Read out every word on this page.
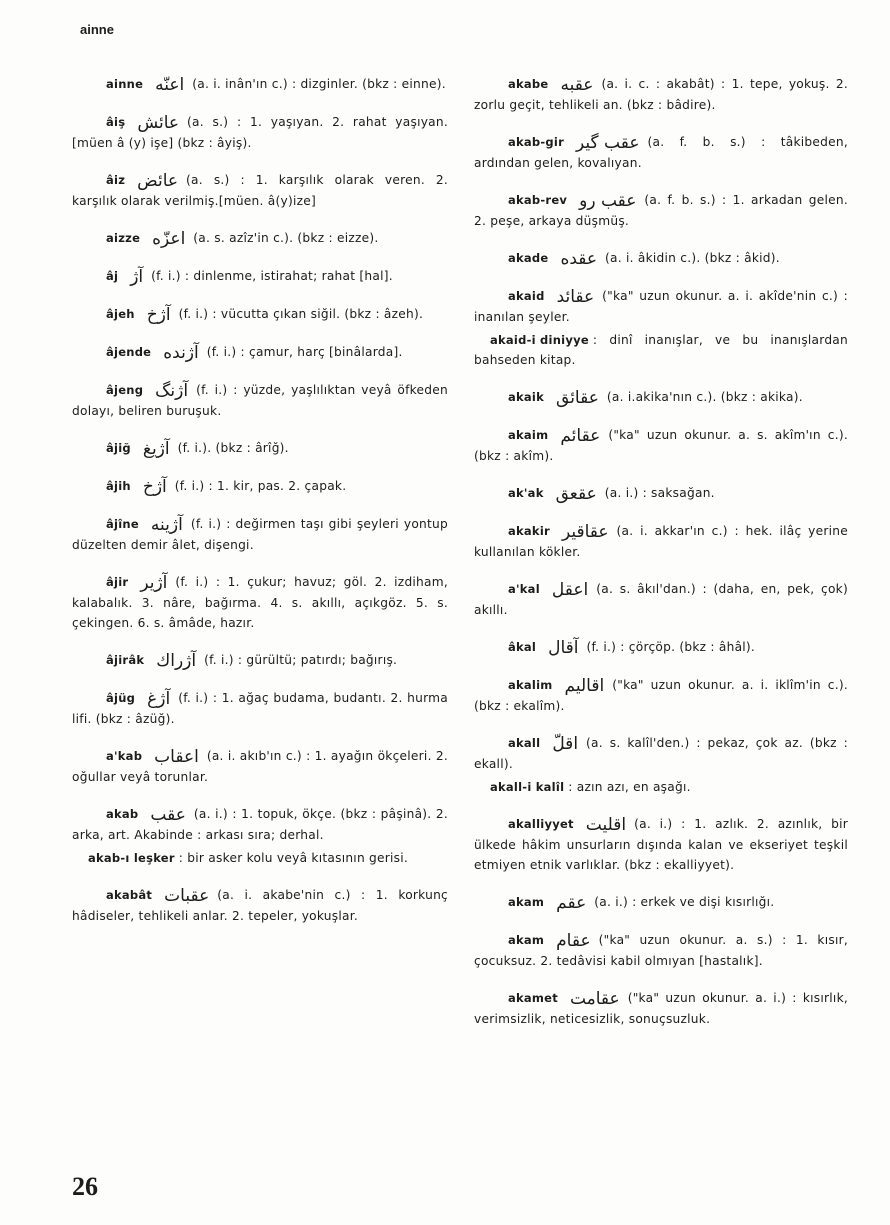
ainne
ainne اعنّه (a. i. inân'ın c.) : dizginler. (bkz : einne).
âiş عائش (a. s.) : 1. yaşıyan. 2. rahat yaşıyan.[müen â (y) işe] (bkz : âyiş).
âiz عائض (a. s.) : 1. karşılık olarak veren. 2. karşılık olarak verilmiş.[müen. â(y)ize]
aizze اعزّه (a. s. azîz'in c.). (bkz : eizze).
âj آژ (f. i.) : dinlenme, istirahat; rahat [hal].
âjeh آژخ (f. i.) : vücutta çıkan siğil. (bkz : âzeh).
âjende آژنده (f. i.) : çamur, harç [binâlarda].
âjeng آژنگ (f. i.) : yüzde, yaşlılıktan veyâ öfkeden dolayı, beliren buruşuk.
âjiğ آژیغ (f. i.). (bkz : ârîğ).
âjih آژخ (f. i.) : 1. kir, pas. 2. çapak.
âjîne آژینه (f. i.) : değirmen taşı gibi şeyleri yontup düzelten demir âlet, dişengi.
âjir آژیر (f. i.) : 1. çukur; havuz; göl. 2. izdiham, kalabalık. 3. nâre, bağırma. 4. s. akıllı, açıkgöz. 5. s. çekingen. 6. s. âmâde, hazır.
âjirâk آژراك (f. i.) : gürültü; patırdı; bağırış.
âjüg آژغ (f. i.) : 1. ağaç budama, budantı. 2. hurma lifi. (bkz : âzüğ).
a'kab اعقاب (a. i. akıb'ın c.) : 1. ayağın ökçeleri. 2. oğullar veyâ torunlar.
akab عقب (a. i.) : 1. topuk, ökçe. (bkz : pâşinâ). 2. arka, art. Akabinde : arkası sıra; derhal.
akab-ı leşker : bir asker kolu veyâ kıtasının gerisi.
akabât عقبات (a. i. akabe'nin c.) : 1. korkunç hâdiseler, tehlikeli anlar. 2. tepeler, yokuşlar.
akabe عقبه (a. i. c. : akabât) : 1. tepe, yokuş. 2. zorlu geçit, tehlikeli an. (bkz : bâdire).
akab-gir عقب گیر (a. f. b. s.) : tâkibeden, ardından gelen, kovalıyan.
akab-rev عقب رو (a. f. b. s.) : 1. arkadan gelen. 2. peşe, arkaya düşmüş.
akade عقده (a. i. âkidin c.). (bkz : âkid).
akaid عقائد ("ka" uzun okunur. a. i. akîde'nin c.) : inanılan şeyler.
akaid-i diniyye : dinî inanışlar, ve bu inanışlardan bahseden kitap.
akaik عقائق (a. i.akika'nın c.). (bkz : akika).
akaim عقائم ("ka" uzun okunur. a. s. akîm'ın c.). (bkz : akîm).
ak'ak عقعق (a. i.) : saksağan.
akakir عقاقیر (a. i. akkar'ın c.) : hek. ilâç yerine kullanılan kökler.
a'kal اعقل (a. s. âkıl'dan.) : (daha, en, pek, çok) akıllı.
âkal آقال (f. i.) : çörçöp. (bkz : âhâl).
akalim اقالیم ("ka" uzun okunur. a. i. iklîm'in c.). (bkz : ekalîm).
akall اقلّ (a. s. kalîl'den.) : pekaz, çok az. (bkz : ekall).
akall-i kalîl : azın azı, en aşağı.
akalliyyet اقلیت (a. i.) : 1. azlık. 2. azınlık, bir ülkede hâkim unsurların dışında kalan ve ekseriyet teşkil etmiyen etnik varlıklar. (bkz : ekalliyyet).
akam عقم (a. i.) : erkek ve dişi kısırlığı.
akam عقام ("ka" uzun okunur. a. s.) : 1. kısır, çocuksuz. 2. tedâvisi kabil olmıyan [hastalık].
akamet عقامت ("ka" uzun okunur. a. i.) : kısırlık, verimsizlik, neticesizlik, sonuçsuzluk.
26
